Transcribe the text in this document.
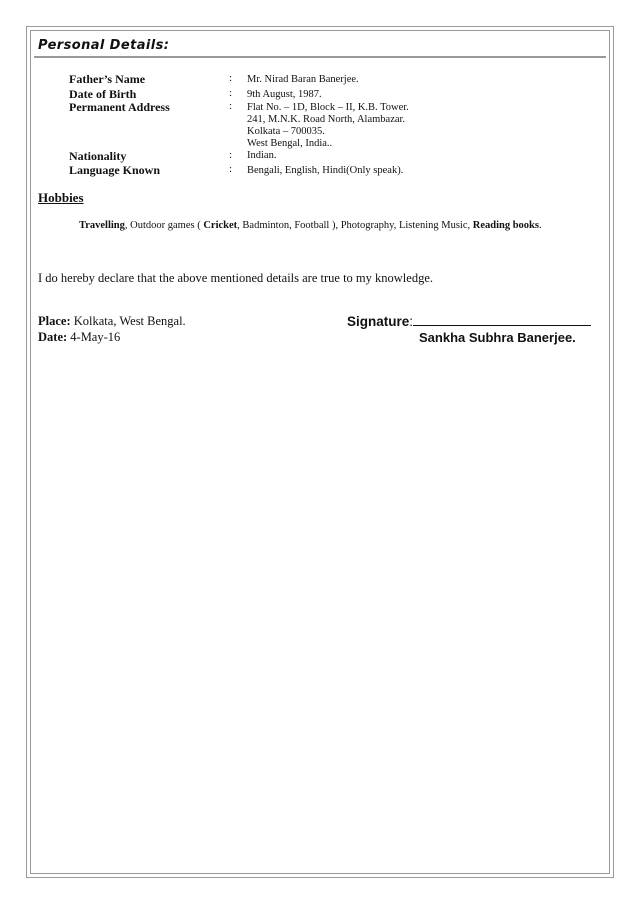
Personal Details:
Father’s Name	: Mr. Nirad Baran Banerjee.
Date of Birth	: 9th August, 1987.
Permanent Address	: Flat No. – 1D, Block – II, K.B. Tower.
241, M.N.K. Road North, Alambazar.
Kolkata – 700035.
West Bengal, India..
Nationality	: Indian.
Language Known	: Bengali, English, Hindi(Only speak).
Hobbies
Travelling, Outdoor games ( Cricket, Badminton, Football ), Photography, Listening Music, Reading books.
I do hereby declare that the above mentioned details are true to my knowledge.
Place: Kolkata, West Bengal.
Date: 4-May-16
Signature:
Sankha Subhra Banerjee.
